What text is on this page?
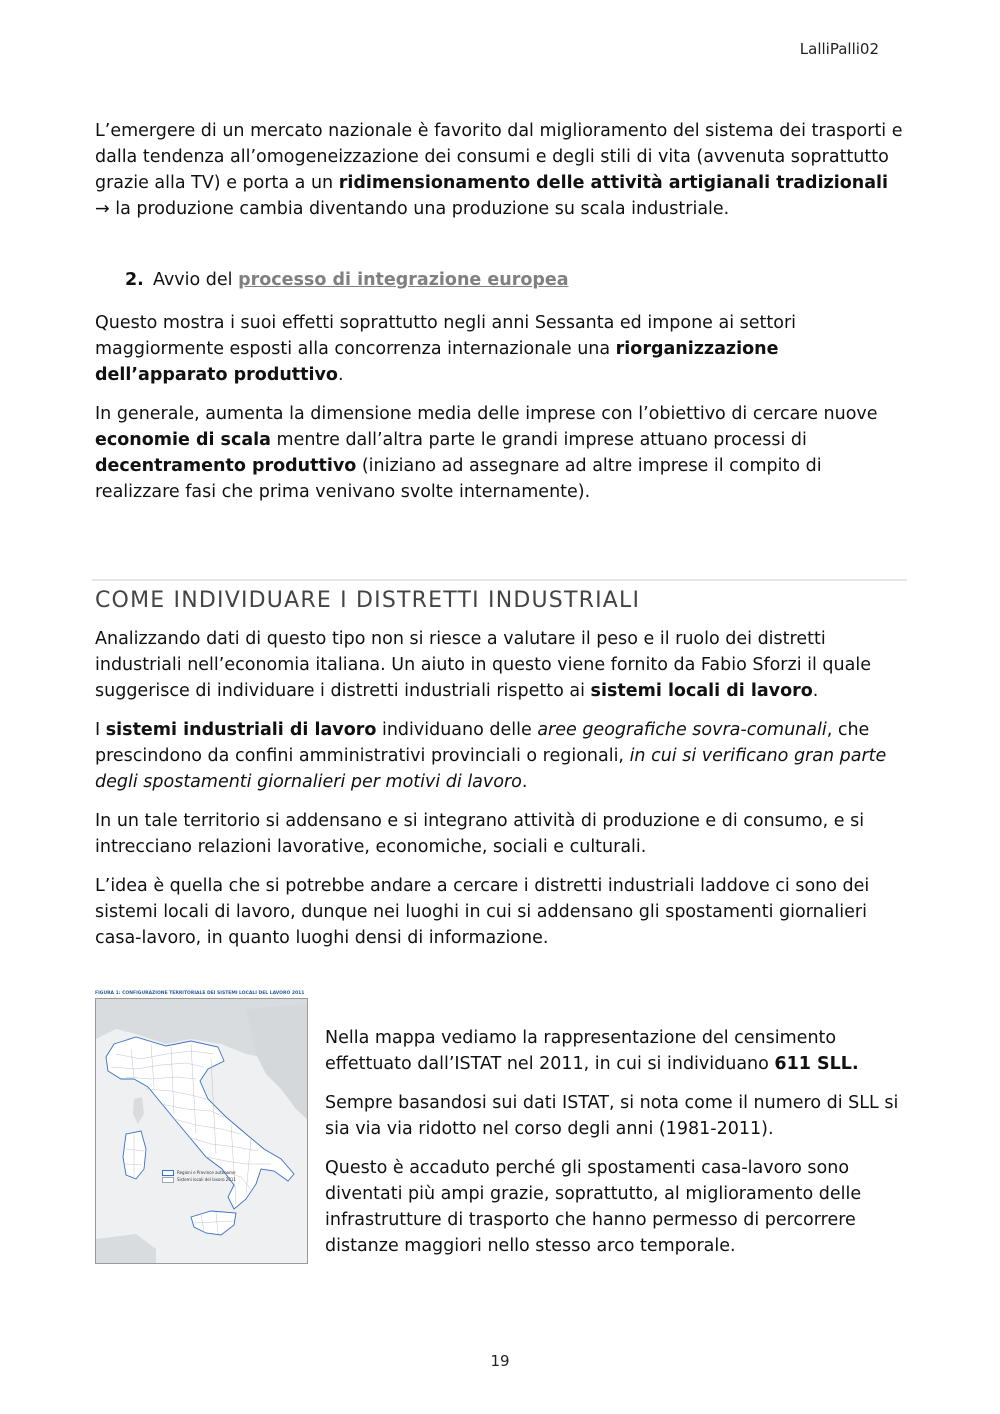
LalliPalli02

L’emergere di un mercato nazionale è favorito dal miglioramento del sistema dei trasporti e dalla tendenza all’omogeneizzazione dei consumi e degli stili di vita (avvenuta soprattutto grazie alla TV) e porta a un ridimensionamento delle attività artigianali tradizionali → la produzione cambia diventando una produzione su scala industriale.

2. Avvio del processo di integrazione europea

Questo mostra i suoi effetti soprattutto negli anni Sessanta ed impone ai settori maggiormente esposti alla concorrenza internazionale una riorganizzazione dell’apparato produttivo.

In generale, aumenta la dimensione media delle imprese con l’obiettivo di cercare nuove economie di scala mentre dall’altra parte le grandi imprese attuano processi di decentramento produttivo (iniziano ad assegnare ad altre imprese il compito di realizzare fasi che prima venivano svolte internamente).

COME INDIVIDUARE I DISTRETTI INDUSTRIALI

Analizzando dati di questo tipo non si riesce a valutare il peso e il ruolo dei distretti industriali nell’economia italiana. Un aiuto in questo viene fornito da Fabio Sforzi il quale suggerisce di individuare i distretti industriali rispetto ai sistemi locali di lavoro.

I sistemi industriali di lavoro individuano delle aree geografiche sovra-comunali, che prescindono da confini amministrativi provinciali o regionali, in cui si verificano gran parte degli spostamenti giornalieri per motivi di lavoro.

In un tale territorio si addensano e si integrano attività di produzione e di consumo, e si intrecciano relazioni lavorative, economiche, sociali e culturali.

L’idea è quella che si potrebbe andare a cercare i distretti industriali laddove ci sono dei sistemi locali di lavoro, dunque nei luoghi in cui si addensano gli spostamenti giornalieri casa-lavoro, in quanto luoghi densi di informazione.

FIGURA 1: CONFIGURAZIONE TERRITORIALE DEI SISTEMI LOCALI DEL LAVORO 2011
Regioni e Province autonome
Sistemi locali del lavoro 2011

Nella mappa vediamo la rappresentazione del censimento effettuato dall’ISTAT nel 2011, in cui si individuano 611 SLL.

Sempre basandosi sui dati ISTAT, si nota come il numero di SLL si sia via via ridotto nel corso degli anni (1981-2011).

Questo è accaduto perché gli spostamenti casa-lavoro sono diventati più ampi grazie, soprattutto, al miglioramento delle infrastrutture di trasporto che hanno permesso di percorrere distanze maggiori nello stesso arco temporale.

19
